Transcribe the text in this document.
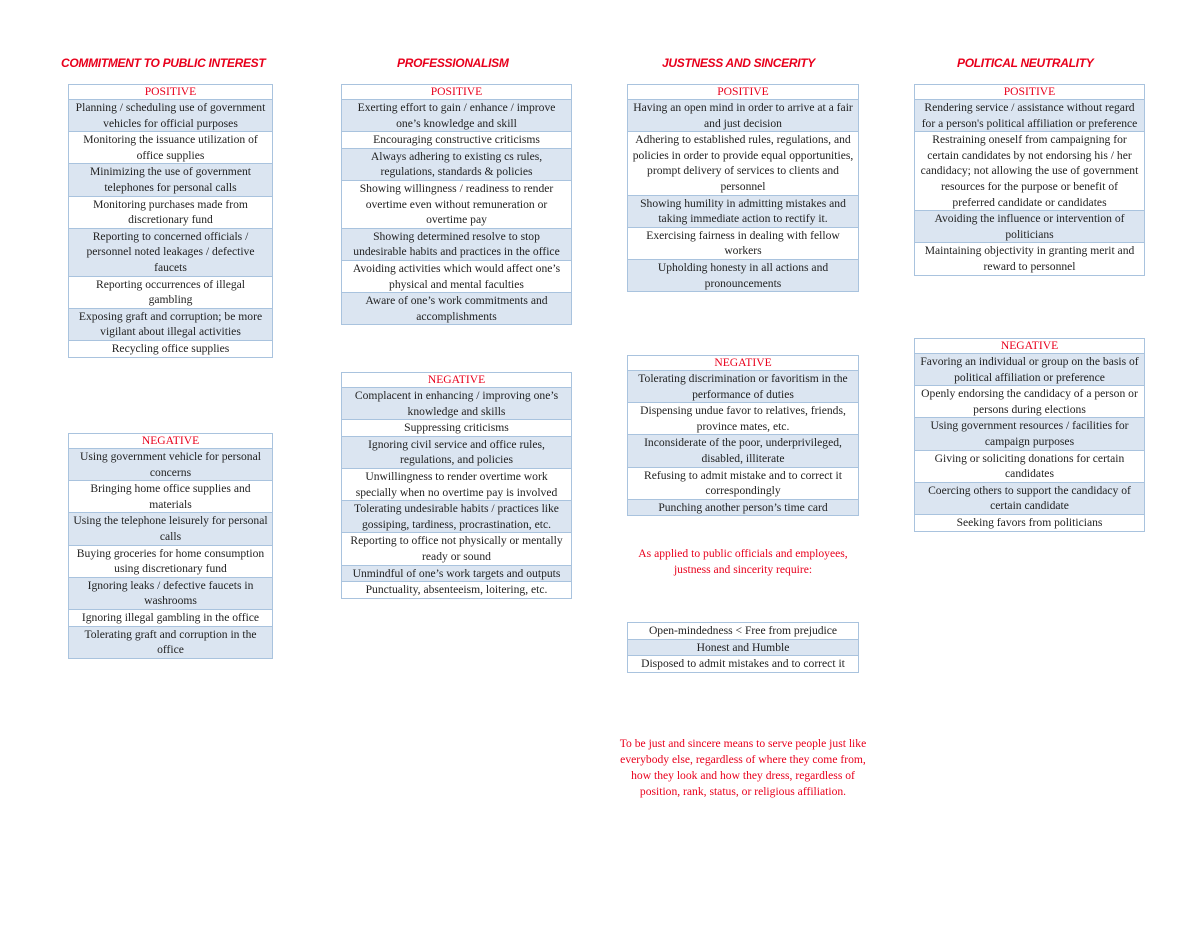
COMMITMENT TO PUBLIC INTEREST	PROFESSIONALISM	JUSTNESS AND SINCERITY	POLITICAL NEUTRALITY
POSITIVE
Planning / scheduling use of government vehicles for official purposes
Monitoring the issuance utilization of office supplies
Minimizing the use of government telephones for personal calls
Monitoring purchases made from discretionary fund
Reporting to concerned officials / personnel noted leakages / defective faucets
Reporting occurrences of illegal gambling
Exposing graft and corruption; be more vigilant about illegal activities
Recycling office supplies
NEGATIVE
Using government vehicle for personal concerns
Bringing home office supplies and materials
Using the telephone leisurely for personal calls
Buying groceries for home consumption using discretionary fund
Ignoring leaks / defective faucets in washrooms
Ignoring illegal gambling in the office
Tolerating graft and corruption in the office
POSITIVE
Exerting effort to gain / enhance / improve one’s knowledge and skill
Encouraging constructive criticisms
Always adhering to existing cs rules, regulations, standards & policies
Showing willingness / readiness to render overtime even without remuneration or overtime pay
Showing determined resolve to stop undesirable habits and practices in the office
Avoiding activities which would affect one’s physical and mental faculties
Aware of one’s work commitments and accomplishments
NEGATIVE
Complacent in enhancing / improving one’s knowledge and skills
Suppressing criticisms
Ignoring civil service and office rules, regulations, and policies
Unwillingness to render overtime work specially when no overtime pay is involved
Tolerating undesirable habits / practices like gossiping, tardiness, procrastination, etc.
Reporting to office not physically or mentally ready or sound
Unmindful of one’s work targets and outputs
Punctuality, absenteeism, loitering, etc.
POSITIVE
Having an open mind in order to arrive at a fair and just decision
Adhering to established rules, regulations, and policies in order to provide equal opportunities, prompt delivery of services to clients and personnel
Showing humility in admitting mistakes and taking immediate action to rectify it.
Exercising fairness in dealing with fellow workers
Upholding honesty in all actions and pronouncements
NEGATIVE
Tolerating discrimination or favoritism in the performance of duties
Dispensing undue favor to relatives, friends, province mates, etc.
Inconsiderate of the poor, underprivileged, disabled, illiterate
Refusing to admit mistake and to correct it correspondingly
Punching another person’s time card
As applied to public officials and employees, justness and sincerity require:
Open-mindedness < Free from prejudice
Honest and Humble
Disposed to admit mistakes and to correct it
To be just and sincere means to serve people just like everybody else, regardless of where they come from, how they look and how they dress, regardless of position, rank, status, or religious affiliation.
POSITIVE
Rendering service / assistance without regard for a person's political affiliation or preference
Restraining oneself from campaigning for certain candidates by not endorsing his / her candidacy; not allowing the use of government resources for the purpose or benefit of preferred candidate or candidates
Avoiding the influence or intervention of politicians
Maintaining objectivity in granting merit and reward to personnel
NEGATIVE
Favoring an individual or group on the basis of political affiliation or preference
Openly endorsing the candidacy of a person or persons during elections
Using government resources / facilities for campaign purposes
Giving or soliciting donations for certain candidates
Coercing others to support the candidacy of certain candidate
Seeking favors from politicians
